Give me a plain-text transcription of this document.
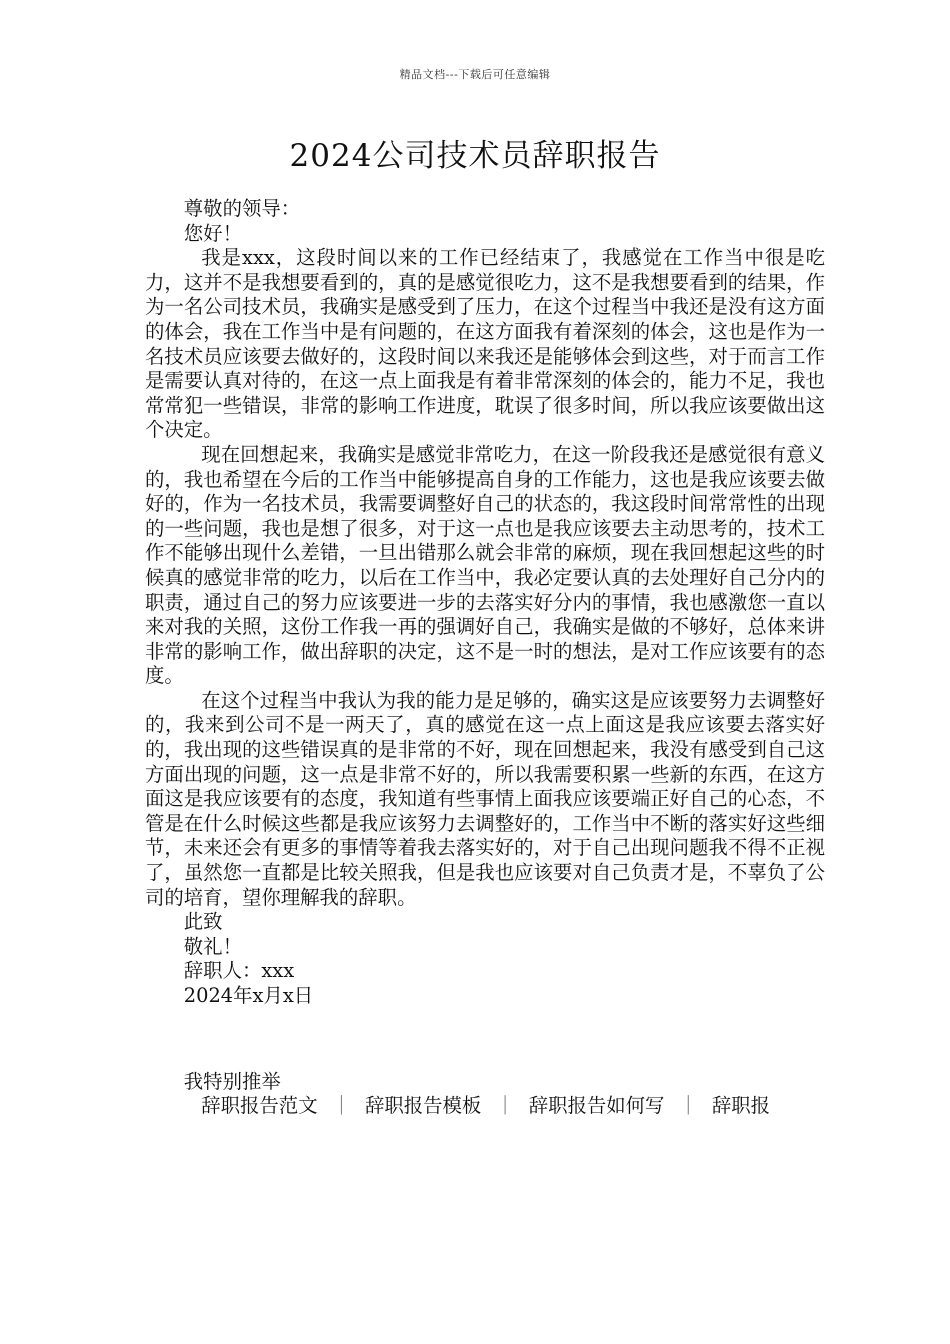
精品文档---下载后可任意编辑
2024公司技术员辞职报告

尊敬的领导：

您好！

我是xxx，这段时间以来的工作已经结束了，我感觉在工作当中很是吃力，这并不是我想要看到的，真的是感觉很吃力，这不是我想要看到的结果，作为一名公司技术员，我确实是感受到了压力，在这个过程当中我还是没有这方面的体会，我在工作当中是有问题的，在这方面我有着深刻的体会，这也是作为一名技术员应该要去做好的，这段时间以来我还是能够体会到这些，对于而言工作是需要认真对待的，在这一点上面我是有着非常深刻的体会的，能力不足，我也常常犯一些错误，非常的影响工作进度，耽误了很多时间，所以我应该要做出这个决定。

现在回想起来，我确实是感觉非常吃力，在这一阶段我还是感觉很有意义的，我也希望在今后的工作当中能够提高自身的工作能力，这也是我应该要去做好的，作为一名技术员，我需要调整好自己的状态的，我这段时间常常性的出现的一些问题，我也是想了很多，对于这一点也是我应该要去主动思考的，技术工作不能够出现什么差错，一旦出错那么就会非常的麻烦，现在我回想起这些的时候真的感觉非常的吃力，以后在工作当中，我必定要认真的去处理好自己分内的职责，通过自己的努力应该要进一步的去落实好分内的事情，我也感激您一直以来对我的关照，这份工作我一再的强调好自己，我确实是做的不够好，总体来讲非常的影响工作，做出辞职的决定，这不是一时的想法，是对工作应该要有的态度。

在这个过程当中我认为我的能力是足够的，确实这是应该要努力去调整好的，我来到公司不是一两天了，真的感觉在这一点上面这是我应该要去落实好的，我出现的这些错误真的是非常的不好，现在回想起来，我没有感受到自己这方面出现的问题，这一点是非常不好的，所以我需要积累一些新的东西，在这方面这是我应该要有的态度，我知道有些事情上面我应该要端正好自己的心态，不管是在什么时候这些都是我应该努力去调整好的，工作当中不断的落实好这些细节，未来还会有更多的事情等着我去落实好的，对于自己出现问题我不得不正视了，虽然您一直都是比较关照我，但是我也应该要对自己负责才是，不辜负了公司的培育，望你理解我的辞职。

此致

敬礼！

辞职人：xxx

2024年x月x日

我特别推举

辞职报告范文 ｜ 辞职报告模板 ｜ 辞职报告如何写 ｜ 辞职报
